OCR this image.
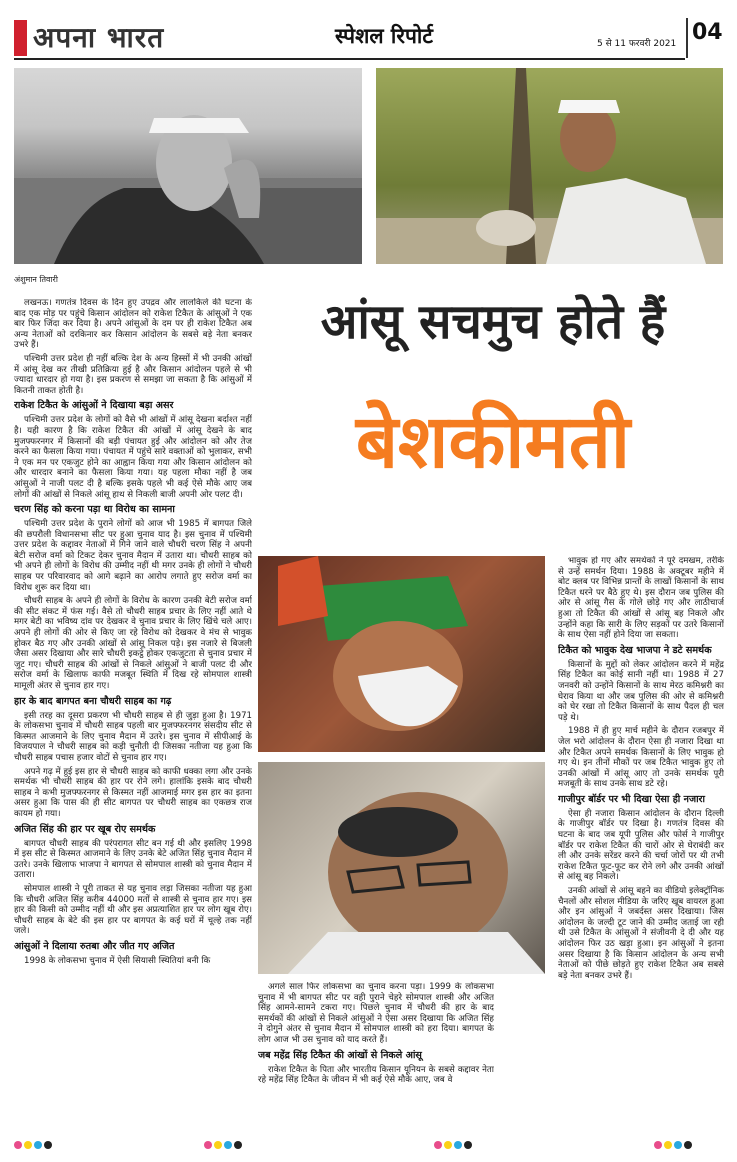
अपना भारत	स्पेशल रिपोर्ट	5 से 11 फरवरी 2021 04
अंशुमान तिवारी
आंसू सचमुच होते हैं
बेशकीमती

लखनऊ। गणतंत्र दिवस के दिन हुए उपद्रव और लालकिले की घटना के बाद एक मोड़ पर पहुंचे किसान आंदोलन को राकेश टिकैत के आंसुओं ने एक बार फिर जिंदा कर दिया है। अपने आंसुओं के दम पर ही राकेश टिकैत अब अन्य नेताओं को दरकिनार कर किसान आंदोलन के सबसे बड़े नेता बनकर उभरे हैं।

पश्चिमी उत्तर प्रदेश ही नहीं बल्कि देश के अन्य हिस्सों में भी उनकी आंखों में आंसू देख कर तीखी प्रतिक्रिया हुई है और किसान आंदोलन पहले से भी ज्यादा धारदार हो गया है। इस प्रकरण से समझा जा सकता है कि आंसुओं में कितनी ताकत होती है।

राकेश टिकैत के आंसुओं ने दिखाया बड़ा असर

पश्चिमी उत्तर प्रदेश के लोगों को वैसे भी आंखों में आंसू देखना बर्दाश्त नहीं है। यही कारण है कि राकेश टिकैत की आंखों में आंसू देखने के बाद मुजफ्फरनगर में किसानों की बड़ी पंचायत हुई और आंदोलन को और तेज करने का फैसला किया गया। पंचायत में पहुंचे सारे वक्ताओं को भुलाकर, सभी ने एक मन पर एकजुट होने का आह्वान किया गया और किसान आंदोलन को और धारदार बनाने का फैसला किया गया। यह पहला मौका नहीं है जब आंसुओं ने नाजी पलट दी है बल्कि इसके पहले भी कई ऐसे मौके आए जब लोगों की आंखों से निकले आंसू हाथ से निकली बाजी अपनी ओर पलट दी।

चरण सिंह को करना पड़ा था विरोध का सामना

पश्चिमी उत्तर प्रदेश के पुराने लोगों को आज भी 1985 में बागपत जिले की छपरौली विधानसभा सीट पर हुआ चुनाव याद है। इस चुनाव में पश्चिमी उत्तर प्रदेश के कद्दावर नेताओं में गिने जाने वाले चौधरी चरण सिंह ने अपनी बेटी सरोज वर्मा को टिकट देकर चुनाव मैदान में उतारा था। चौधरी साहब को भी अपने ही लोगों के विरोध की उम्मीद नहीं थी मगर उनके ही लोगों ने चौधरी साहब पर परिवारवाद को आगे बढ़ाने का आरोप लगाते हुए सरोज वर्मा का विरोध शुरू कर दिया था।

चौधरी साहब के अपने ही लोगों के विरोध के कारण उनकी बेटी सरोज वर्मा की सीट संकट में फंस गई। वैसे तो चौधरी साहब प्रचार के लिए नहीं आते थे मगर बेटी का भविष्य दांव पर देखकर वे चुनाव प्रचार के लिए खिंचे चले आए। अपने ही लोगों की ओर से किए जा रहे विरोध को देखकर वे मंच से भावुक होकर बैठ गए और उनकी आंखों से आंसू निकल पड़े। इस नजारे से बिजली जैसा असर दिखाया और सारे चौधरी इकट्ठे होकर एकजुटता से चुनाव प्रचार में जुट गए। चौधरी साहब की आंखों से निकले आंसुओं ने बाजी पलट दी और सरोज वर्मा के खिलाफ काफी मजबूत स्थिति में दिख रहे सोमपाल शास्त्री मामूली अंतर से चुनाव हार गए।

हार के बाद बागपत बना चौधरी साहब का गढ़

इसी तरह का दूसरा प्रकरण भी चौधरी साहब से ही जुड़ा हुआ है। 1971 के लोकसभा चुनाव में चौधरी साहब पहली बार मुजफ्फरनगर संसदीय सीट से किस्मत आजमाने के लिए चुनाव मैदान में उतरे। इस चुनाव में सीपीआई के विजयपाल ने चौधरी साहब को कड़ी चुनौती दी जिसका नतीजा यह हुआ कि चौधरी साहब पचास हजार वोटों से चुनाव हार गए।

अपने गढ़ में हुई इस हार से चौधरी साहब को काफी धक्का लगा और उनके समर्थक भी चौधरी साहब की हार पर रोने लगे। हालांकि इसके बाद चौधरी साहब ने कभी मुजफ्फरनगर से किस्मत नहीं आजमाई मगर इस हार का इतना असर हुआ कि पास की ही सीट बागपत पर चौधरी साहब का एकछत्र राज कायम हो गया।

अजित सिंह की हार पर खूब रोए समर्थक

बागपत चौधरी साहब की परंपरागत सीट बन गई थी और इसलिए 1998 में इस सीट से किस्मत आजमाने के लिए उनके बेटे अजित सिंह चुनाव मैदान में उतरे। उनके खिलाफ भाजपा ने बागपत से सोमपाल शास्त्री को चुनाव मैदान में उतारा।

सोमपाल शास्त्री ने पूरी ताकत से यह चुनाव लड़ा जिसका नतीजा यह हुआ कि चौधरी अजित सिंह करीब 44000 मतों से शास्त्री से चुनाव हार गए। इस हार की किसी को उम्मीद नहीं थी और इस अप्रत्याशित हार पर लोग खूब रोए। चौधरी साहब के बेटे की इस हार पर बागपत के कई घरों में चूल्हे तक नहीं जले।

आंसुओं ने दिलाया रुतबा और जीत गए अजित

1998 के लोकसभा चुनाव में ऐसी सियासी स्थितियां बनी कि

अगले साल फिर लोकसभा का चुनाव करना पड़ा। 1999 के लोकसभा चुनाव में भी बागपत सीट पर वही पुराने चेहरे सोमपाल शास्त्री और अजित सिंह आमने-सामने टकरा गए। पिछले चुनाव में चौधरी की हार के बाद समर्थकों की आंखों से निकले आंसुओं ने ऐसा असर दिखाया कि अजित सिंह ने दोगुने अंतर से चुनाव मैदान में सोमपाल शास्त्री को हरा दिया। बागपत के लोग आज भी उस चुनाव को याद करते हैं।

जब महेंद्र सिंह टिकैत की आंखों से निकले आंसू

राकेश टिकैत के पिता और भारतीय किसान यूनियन के सबसे कद्दावर नेता रहे महेंद्र सिंह टिकैत के जीवन में भी कई ऐसे मौके आए, जब वे

भावुक हो गए और समर्थकों ने पूरे दमखम, तरीके से उन्हें समर्थन दिया। 1988 के अक्टूबर महीने में बोट क्लब पर विभिन्न प्रान्तों के लाखों किसानों के साथ टिकैत धरने पर बैठे हुए थे। इस दौरान जब पुलिस की ओर से आंसू गैस के गोले छोड़े गए और लाठीचार्ज हुआ तो टिकैत की आंखों से आंसू बह निकले और उन्होंने कहा कि सारी के लिए सड़कों पर उतरे किसानों के साथ ऐसा नहीं होने दिया जा सकता।

टिकैत को भावुक देख भाजपा ने डटे समर्थक

किसानों के मुद्दों को लेकर आंदोलन करने में महेंद्र सिंह टिकैत का कोई सानी नहीं था। 1988 में 27 जनवरी को उन्होंने किसानों के साथ मेरठ कमिश्नरी का घेराव किया था और जब पुलिस की ओर से कमिश्नरी को घेर रखा तो टिकैत किसानों के साथ पैदल ही चल पड़े थे।

1988 में ही हुए मार्च महीने के दौरान रजबपुर में जेल भरो आंदोलन के दौरान ऐसा ही नजारा दिखा था और टिकैत अपने समर्थक किसानों के लिए भावुक हो गए थे। इन तीनों मौकों पर जब टिकैत भावुक हुए तो उनकी आंखों में आंसू आए तो उनके समर्थक पूरी मजबूती के साथ उनके साथ डटे रहे।

गाजीपुर बॉर्डर पर भी दिखा ऐसा ही नजारा

ऐसा ही नजारा किसान आंदोलन के दौरान दिल्ली के गाजीपुर बॉर्डर पर दिखा है। गणतंत्र दिवस की घटना के बाद जब यूपी पुलिस और फोर्स ने गाजीपुर बॉर्डर पर राकेश टिकैत की चारों ओर से घेराबंदी कर ली और उनके सरेंडर करने की चर्चा जोरों पर थी तभी राकेश टिकैत फूट-फूट कर रोने लगे और उनकी आंखों से आंसू बह निकले।

उनकी आंखों से आंसू बहने का वीडियो इलेक्ट्रॉनिक चैनलों और सोशल मीडिया के जरिए खूब वायरल हुआ और इन आंसुओं ने जबर्दस्त असर दिखाया। जिस आंदोलन के जल्दी टूट जाने की उम्मीद जताई जा रही थी उसे टिकैत के आंसुओं ने संजीवनी दे दी और यह आंदोलन फिर उठ खड़ा हुआ। इन आंसुओं ने इतना असर दिखाया है कि किसान आंदोलन के अन्य सभी नेताओं को पीछे छोड़ते हुए राकेश टिकैत अब सबसे बड़े नेता बनकर उभरे हैं।
